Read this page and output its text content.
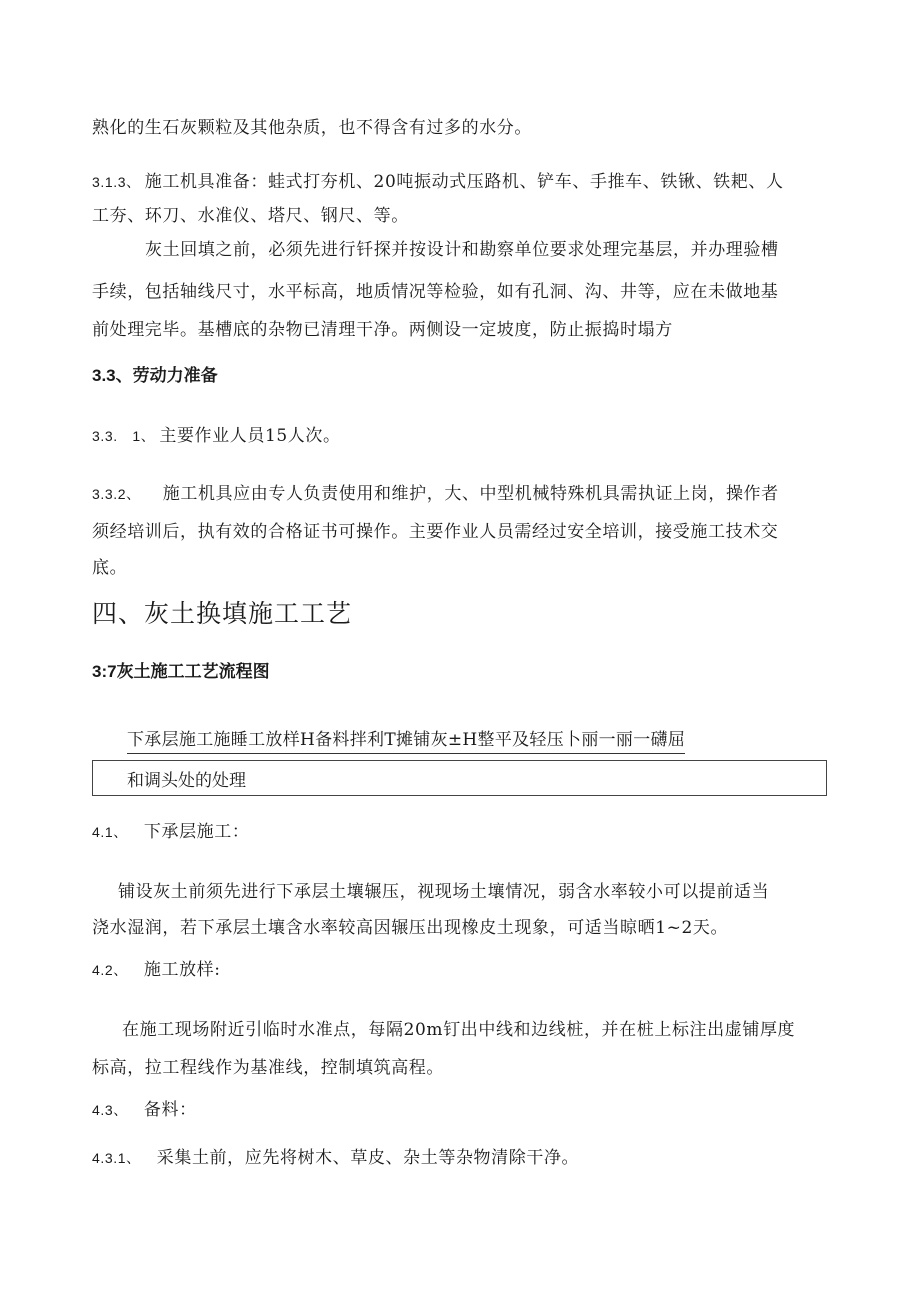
熟化的生石灰颗粒及其他杂质，也不得含有过多的水分。
3.1.3、 施工机具准备：蛙式打夯机、20吨振动式压路机、铲车、手推车、铁锹、铁耙、人
工夯、环刀、水准仪、塔尺、钢尺、等。
灰土回填之前，必须先进行钎探并按设计和勘察单位要求处理完基层，并办理验槽
手续，包括轴线尺寸，水平标高，地质情况等检验，如有孔洞、沟、井等，应在未做地基
前处理完毕。基槽底的杂物已清理干净。两侧设一定坡度，防止振捣时塌方
3.3、劳动力准备
3.3.　1、 主要作业人员15人次。
3.3.2、 施工机具应由专人负责使用和维护，大、中型机械特殊机具需执证上岗，操作者
须经培训后，执有效的合格证书可操作。主要作业人员需经过安全培训，接受施工技术交
底。
四、灰土换填施工工艺
3:7灰土施工工艺流程图
下承层施工施睡工放样H备料拌利T摊铺灰±H整平及轻压卜丽一丽一礴屈
和调头处的处理
4.1、 下承层施工：
铺设灰土前须先进行下承层土壤辗压，视现场土壤情况，弱含水率较小可以提前适当
浇水湿润，若下承层土壤含水率较高因辗压出现橡皮土现象，可适当晾晒1~2天。
4.2、 施工放样:
在施工现场附近引临时水准点，每隔20m钉出中线和边线桩，并在桩上标注出虚铺厚度
标高，拉工程线作为基准线，控制填筑高程。
4.3、 备料：
4.3.1、 采集土前，应先将树木、草皮、杂土等杂物清除干净。
